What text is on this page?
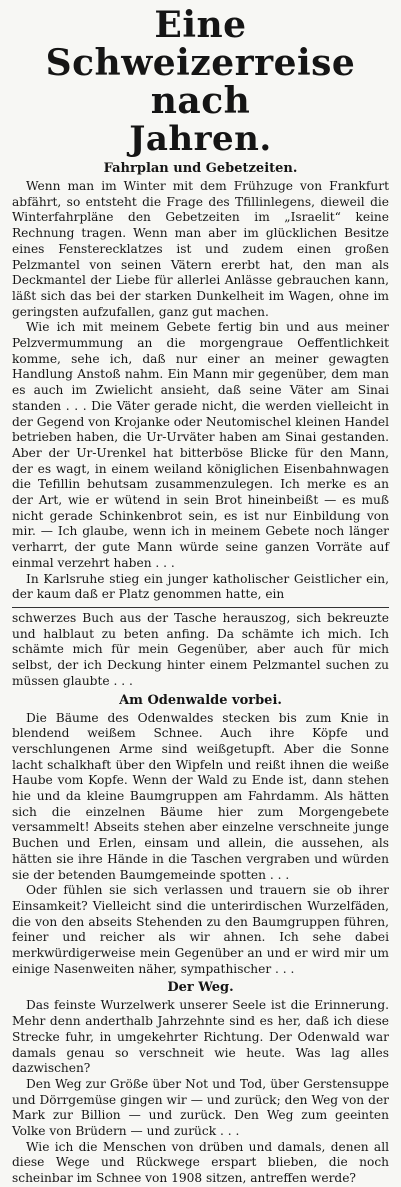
Eine Schweizerreise nach
Jahren.
Fahrplan und Gebetzeiten.

Wenn man im Winter mit dem Frühzuge von Frankfurt abfährt, so entsteht die Frage des Tfillinlegens, dieweil die Winterfahrpläne den Gebetzeiten im „Israelit“ keine Rechnung tragen. Wenn man aber im glücklichen Besitze eines Fensterecklatzes ist und zudem einen großen Pelzmantel von seinen Vätern ererbt hat, den man als Deckmantel der Liebe für allerlei Anlässe gebrauchen kann, läßt sich das bei der starken Dunkelheit im Wagen, ohne im geringsten aufzufallen, ganz gut machen.

Wie ich mit meinem Gebete fertig bin und aus meiner Pelzvermummung an die morgengraue Oeffentlichkeit komme, sehe ich, daß nur einer an meiner gewagten Handlung Anstoß nahm. Ein Mann mir gegenüber, dem man es auch im Zwielicht ansieht, daß seine Väter am Sinai standen . . . Die Väter gerade nicht, die werden vielleicht in der Gegend von Krojanke oder Neutomischel kleinen Handel betrieben haben, die Ur-Urväter haben am Sinai gestanden. Aber der Ur-Urenkel hat bitterböse Blicke für den Mann, der es wagt, in einem weiland königlichen Eisenbahnwagen die Tefillin behutsam zusammenzulegen. Ich merke es an der Art, wie er wütend in sein Brot hineinbeißt — es muß nicht gerade Schinkenbrot sein, es ist nur Einbildung von mir. — Ich glaube, wenn ich in meinem Gebete noch länger verharrt, der gute Mann würde seine ganzen Vorräte auf einmal verzehrt haben . . .

In Karlsruhe stieg ein junger katholischer Geistlicher ein, der kaum daß er Platz genommen hatte, ein

schwerzes Buch aus der Tasche herauszog, sich bekreuzte und halblaut zu beten anfing. Da schämte ich mich. Ich schämte mich für mein Gegenüber, aber auch für mich selbst, der ich Deckung hinter einem Pelzmantel suchen zu müssen glaubte . . .

Am Odenwalde vorbei.

Die Bäume des Odenwaldes stecken bis zum Knie in blendend weißem Schnee. Auch ihre Köpfe und verschlungenen Arme sind weißgetupft. Aber die Sonne lacht schalkhaft über den Wipfeln und reißt ihnen die weiße Haube vom Kopfe. Wenn der Wald zu Ende ist, dann stehen hie und da kleine Baumgruppen am Fahrdamm. Als hätten sich die einzelnen Bäume hier zum Morgengebete versammelt! Abseits stehen aber einzelne verschneite junge Buchen und Erlen, einsam und allein, die aussehen, als hätten sie ihre Hände in die Taschen vergraben und würden sie der betenden Baumgemeinde spotten . . .

Oder fühlen sie sich verlassen und trauern sie ob ihrer Einsamkeit? Vielleicht sind die unterirdischen Wurzelfäden, die von den abseits Stehenden zu den Baumgruppen führen, feiner und reicher als wir ahnen. Ich sehe dabei merkwürdigerweise mein Gegenüber an und er wird mir um einige Nasenweiten näher, sympathischer . . .

Der Weg.

Das feinste Wurzelwerk unserer Seele ist die Erinnerung. Mehr denn anderthalb Jahrzehnte sind es her, daß ich diese Strecke fuhr, in umgekehrter Richtung. Der Odenwald war damals genau so verschneit wie heute. Was lag alles dazwischen?

Den Weg zur Größe über Not und Tod, über Gerstensuppe und Dörrgemüse gingen wir — und zurück; den Weg von der Mark zur Billion — und zurück. Den Weg zum geeinten Volke von Brüdern — und zurück . . .

Wie ich die Menschen von drüben und damals, denen all diese Wege und Rückwege erspart blieben, die noch scheinbar im Schnee von 1908 sitzen, antreffen werde?
